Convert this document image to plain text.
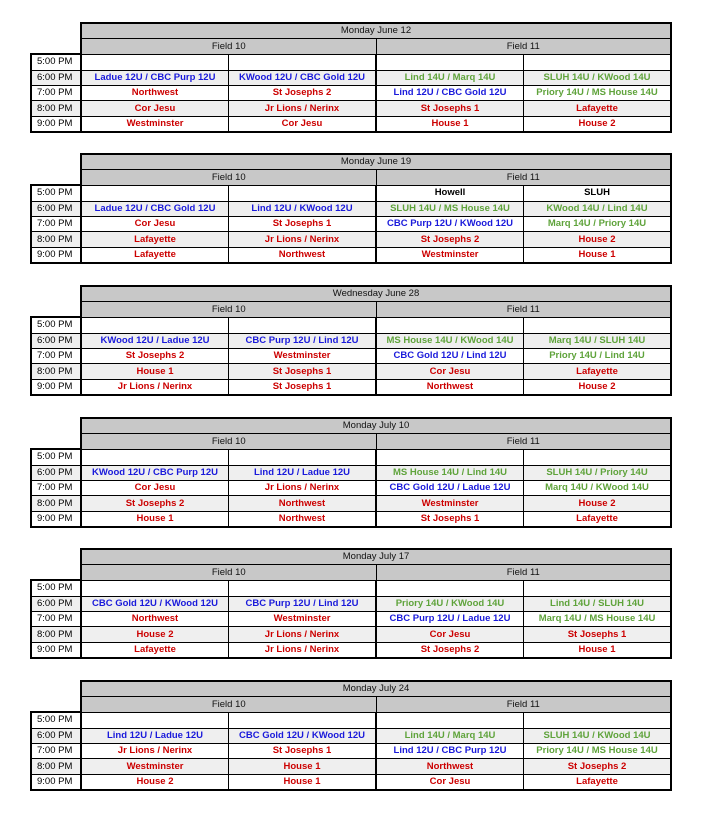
	Monday June 12			
	Field 10		Field 11	
5:00 PM				
6:00 PM	Ladue 12U / CBC Purp 12U	KWood 12U / CBC Gold 12U	Lind 14U / Marq 14U	SLUH 14U / KWood 14U
7:00 PM	Northwest	St Josephs 2	Lind 12U / CBC Gold 12U	Priory 14U / MS House 14U
8:00 PM	Cor Jesu	Jr Lions / Nerinx	St Josephs 1	Lafayette
9:00 PM	Westminster	Cor Jesu	House 1	House 2
	Monday June 19			
	Field 10		Field 11	
5:00 PM			Howell	SLUH
6:00 PM	Ladue 12U / CBC Gold 12U	Lind 12U / KWood 12U	SLUH 14U / MS House 14U	KWood 14U / Lind 14U
7:00 PM	Cor Jesu	St Josephs 1	CBC Purp 12U / KWood 12U	Marq 14U / Priory 14U
8:00 PM	Lafayette	Jr Lions / Nerinx	St Josephs 2	House 2
9:00 PM	Lafayette	Northwest	Westminster	House 1
	Wednesday June 28			
	Field 10		Field 11	
5:00 PM				
6:00 PM	KWood 12U / Ladue 12U	CBC Purp 12U / Lind 12U	MS House 14U / KWood 14U	Marq 14U / SLUH 14U
7:00 PM	St Josephs 2	Westminster	CBC Gold 12U / Lind 12U	Priory 14U / Lind 14U
8:00 PM	House 1	St Josephs 1	Cor Jesu	Lafayette
9:00 PM	Jr Lions / Nerinx	St Josephs 1	Northwest	House 2
	Monday July 10			
	Field 10		Field 11	
5:00 PM				
6:00 PM	KWood 12U / CBC Purp 12U	Lind 12U / Ladue 12U	MS House 14U / Lind 14U	SLUH 14U / Priory 14U
7:00 PM	Cor Jesu	Jr Lions / Nerinx	CBC Gold 12U / Ladue 12U	Marq 14U / KWood 14U
8:00 PM	St Josephs 2	Northwest	Westminster	House 2
9:00 PM	House 1	Northwest	St Josephs 1	Lafayette
	Monday July 17			
	Field 10		Field 11	
5:00 PM				
6:00 PM	CBC Gold 12U / KWood 12U	CBC Purp 12U / Lind 12U	Priory 14U / KWood 14U	Lind 14U / SLUH 14U
7:00 PM	Northwest	Westminster	CBC Purp 12U / Ladue 12U	Marq 14U / MS House 14U
8:00 PM	House 2	Jr Lions / Nerinx	Cor Jesu	St Josephs 1
9:00 PM	Lafayette	Jr Lions / Nerinx	St Josephs 2	House 1
	Monday July 24			
	Field 10		Field 11	
5:00 PM				
6:00 PM	Lind 12U / Ladue 12U	CBC Gold 12U / KWood 12U	Lind 14U / Marq 14U	SLUH 14U / KWood 14U
7:00 PM	Jr Lions / Nerinx	St Josephs 1	Lind 12U / CBC Purp 12U	Priory 14U / MS House 14U
8:00 PM	Westminster	House 1	Northwest	St Josephs 2
9:00 PM	House 2	House 1	Cor Jesu	Lafayette
